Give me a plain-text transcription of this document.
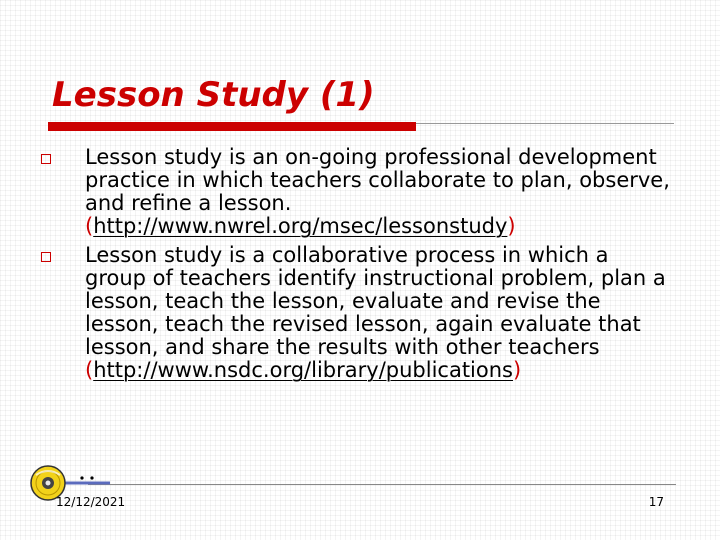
Lesson Study (1)
Lesson study is an on-going professional development practice in which teachers collaborate to plan, observe, and refine a lesson. (http://www.nwrel.org/msec/lessonstudy)
Lesson study is a collaborative process in which a group of teachers identify instructional problem, plan a lesson, teach the lesson, evaluate and revise the lesson, teach the revised lesson, again evaluate that lesson, and share the results with other teachers (http://www.nsdc.org/library/publications)
12/12/2021	17
